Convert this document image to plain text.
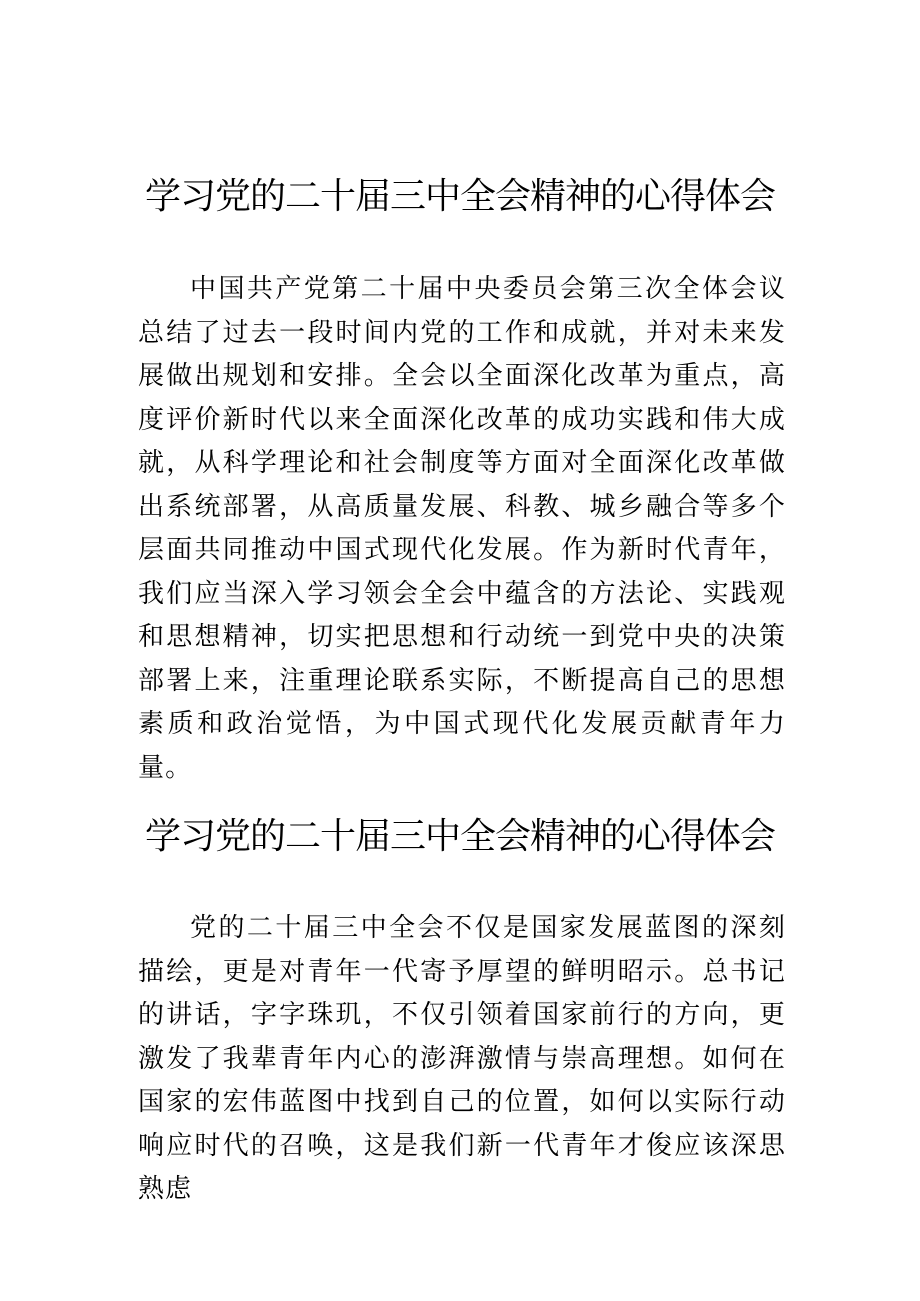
学习党的二十届三中全会精神的心得体会

中国共产党第二十届中央委员会第三次全体会议总结了过去一段时间内党的工作和成就，并对未来发展做出规划和安排。全会以全面深化改革为重点，高度评价新时代以来全面深化改革的成功实践和伟大成就，从科学理论和社会制度等方面对全面深化改革做出系统部署，从高质量发展、科教、城乡融合等多个层面共同推动中国式现代化发展。作为新时代青年，我们应当深入学习领会全会中蕴含的方法论、实践观和思想精神，切实把思想和行动统一到党中央的决策部署上来，注重理论联系实际，不断提高自己的思想素质和政治觉悟，为中国式现代化发展贡献青年力量。

学习党的二十届三中全会精神的心得体会

党的二十届三中全会不仅是国家发展蓝图的深刻描绘，更是对青年一代寄予厚望的鲜明昭示。总书记的讲话，字字珠玑，不仅引领着国家前行的方向，更激发了我辈青年内心的澎湃激情与崇高理想。如何在国家的宏伟蓝图中找到自己的位置，如何以实际行动响应时代的召唤，这是我们新一代青年才俊应该深思熟虑
